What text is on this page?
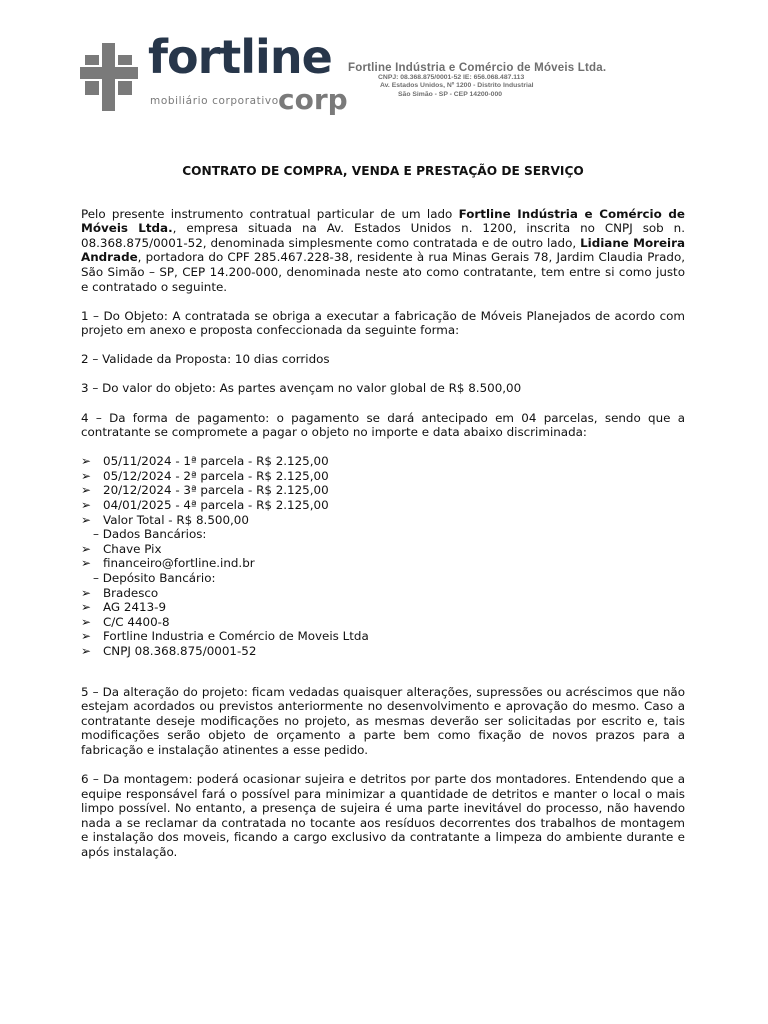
fortline
mobiliário corporativo corp
Fortline Indústria e Comércio de Móveis Ltda.
CNPJ: 08.368.875/0001-52 IE: 656.068.487.113
Av. Estados Unidos, Nº 1200 - Distrito Industrial
São Simão - SP - CEP 14200-000
CONTRATO DE COMPRA, VENDA E PRESTAÇÃO DE SERVIÇO

Pelo presente instrumento contratual particular de um lado Fortline Indústria e Comércio de Móveis Ltda., empresa situada na Av. Estados Unidos n. 1200, inscrita no CNPJ sob n. 08.368.875/0001-52, denominada simplesmente como contratada e de outro lado, Lidiane Moreira Andrade, portadora do CPF 285.467.228-38, residente à rua Minas Gerais 78, Jardim Claudia Prado, São Simão – SP, CEP 14.200-000, denominada neste ato como contratante, tem entre si como justo e contratado o seguinte.

1 – Do Objeto: A contratada se obriga a executar a fabricação de Móveis Planejados de acordo com projeto em anexo e proposta confeccionada da seguinte forma:

2 – Validade da Proposta: 10 dias corridos

3 – Do valor do objeto: As partes avençam no valor global de R$ 8.500,00

4 – Da forma de pagamento: o pagamento se dará antecipado em 04 parcelas, sendo que a contratante se compromete a pagar o objeto no importe e data abaixo discriminada:

➢ 05/11/2024 - 1ª parcela - R$ 2.125,00
➢ 05/12/2024 - 2ª parcela - R$ 2.125,00
➢ 20/12/2024 - 3ª parcela - R$ 2.125,00
➢ 04/01/2025 - 4ª parcela - R$ 2.125,00
➢ Valor Total - R$ 8.500,00
– Dados Bancários:
➢ Chave Pix
➢ financeiro@fortline.ind.br
– Depósito Bancário:
➢ Bradesco
➢ AG 2413-9
➢ C/C 4400-8
➢ Fortline Industria e Comércio de Moveis Ltda
➢ CNPJ 08.368.875/0001-52

5 – Da alteração do projeto: ficam vedadas quaisquer alterações, supressões ou acréscimos que não estejam acordados ou previstos anteriormente no desenvolvimento e aprovação do mesmo. Caso a contratante deseje modificações no projeto, as mesmas deverão ser solicitadas por escrito e, tais modificações serão objeto de orçamento a parte bem como fixação de novos prazos para a fabricação e instalação atinentes a esse pedido.

6 – Da montagem: poderá ocasionar sujeira e detritos por parte dos montadores. Entendendo que a equipe responsável fará o possível para minimizar a quantidade de detritos e manter o local o mais limpo possível. No entanto, a presença de sujeira é uma parte inevitável do processo, não havendo nada a se reclamar da contratada no tocante aos resíduos decorrentes dos trabalhos de montagem e instalação dos moveis, ficando a cargo exclusivo da contratante a limpeza do ambiente durante e após instalação.
